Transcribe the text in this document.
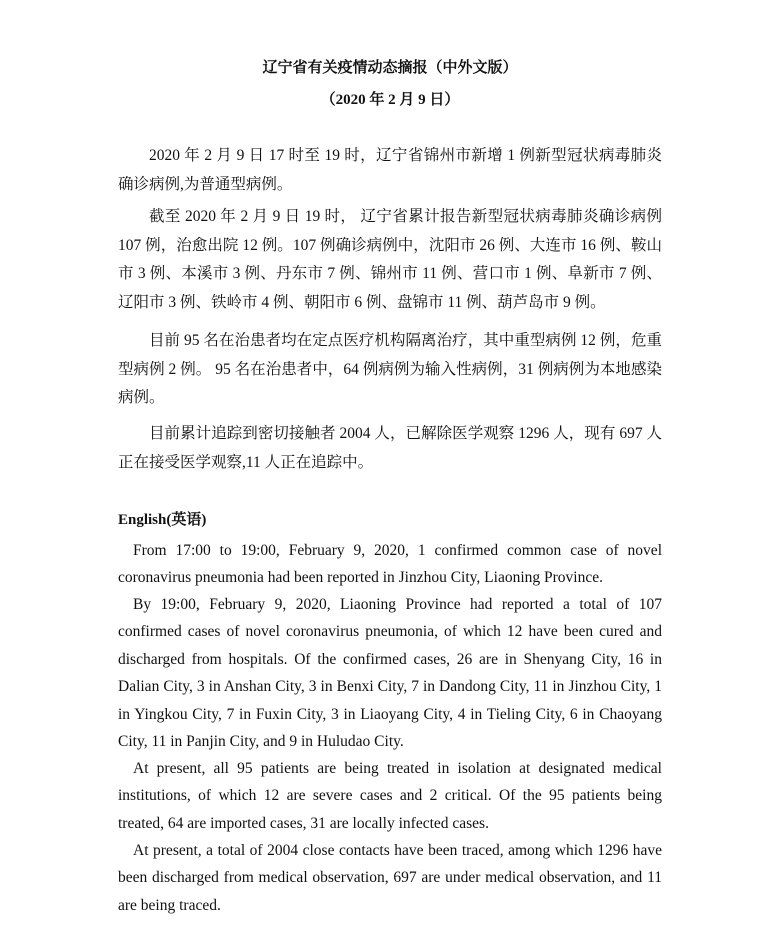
辽宁省有关疫情动态摘报（中外文版）
（2020 年 2 月 9 日）

2020 年 2 月 9 日 17 时至 19 时，辽宁省锦州市新增 1 例新型冠状病毒肺炎确诊病例,为普通型病例。

截至 2020 年 2 月 9 日 19 时， 辽宁省累计报告新型冠状病毒肺炎确诊病例 107 例，治愈出院 12 例。107 例确诊病例中，沈阳市 26 例、大连市 16 例、鞍山市 3 例、本溪市 3 例、丹东市 7 例、锦州市 11 例、营口市 1 例、阜新市 7 例、辽阳市 3 例、铁岭市 4 例、朝阳市 6 例、盘锦市 11 例、葫芦岛市 9 例。

目前 95 名在治患者均在定点医疗机构隔离治疗，其中重型病例 12 例，危重型病例 2 例。 95 名在治患者中，64 例病例为输入性病例，31 例病例为本地感染病例。

目前累计追踪到密切接触者 2004 人，已解除医学观察 1296 人，现有 697 人正在接受医学观察,11 人正在追踪中。

English(英语)

From 17:00 to 19:00, February 9, 2020, 1 confirmed common case of novel coronavirus pneumonia had been reported in Jinzhou City, Liaoning Province.

By 19:00, February 9, 2020, Liaoning Province had reported a total of 107 confirmed cases of novel coronavirus pneumonia, of which 12 have been cured and discharged from hospitals. Of the confirmed cases, 26 are in Shenyang City, 16 in Dalian City, 3 in Anshan City, 3 in Benxi City, 7 in Dandong City, 11 in Jinzhou City, 1 in Yingkou City, 7 in Fuxin City, 3 in Liaoyang City, 4 in Tieling City, 6 in Chaoyang City, 11 in Panjin City, and 9 in Huludao City.

At present, all 95 patients are being treated in isolation at designated medical institutions, of which 12 are severe cases and 2 critical. Of the 95 patients being treated, 64 are imported cases, 31 are locally infected cases.

At present, a total of 2004 close contacts have been traced, among which 1296 have been discharged from medical observation, 697 are under medical observation, and 11 are being traced.
